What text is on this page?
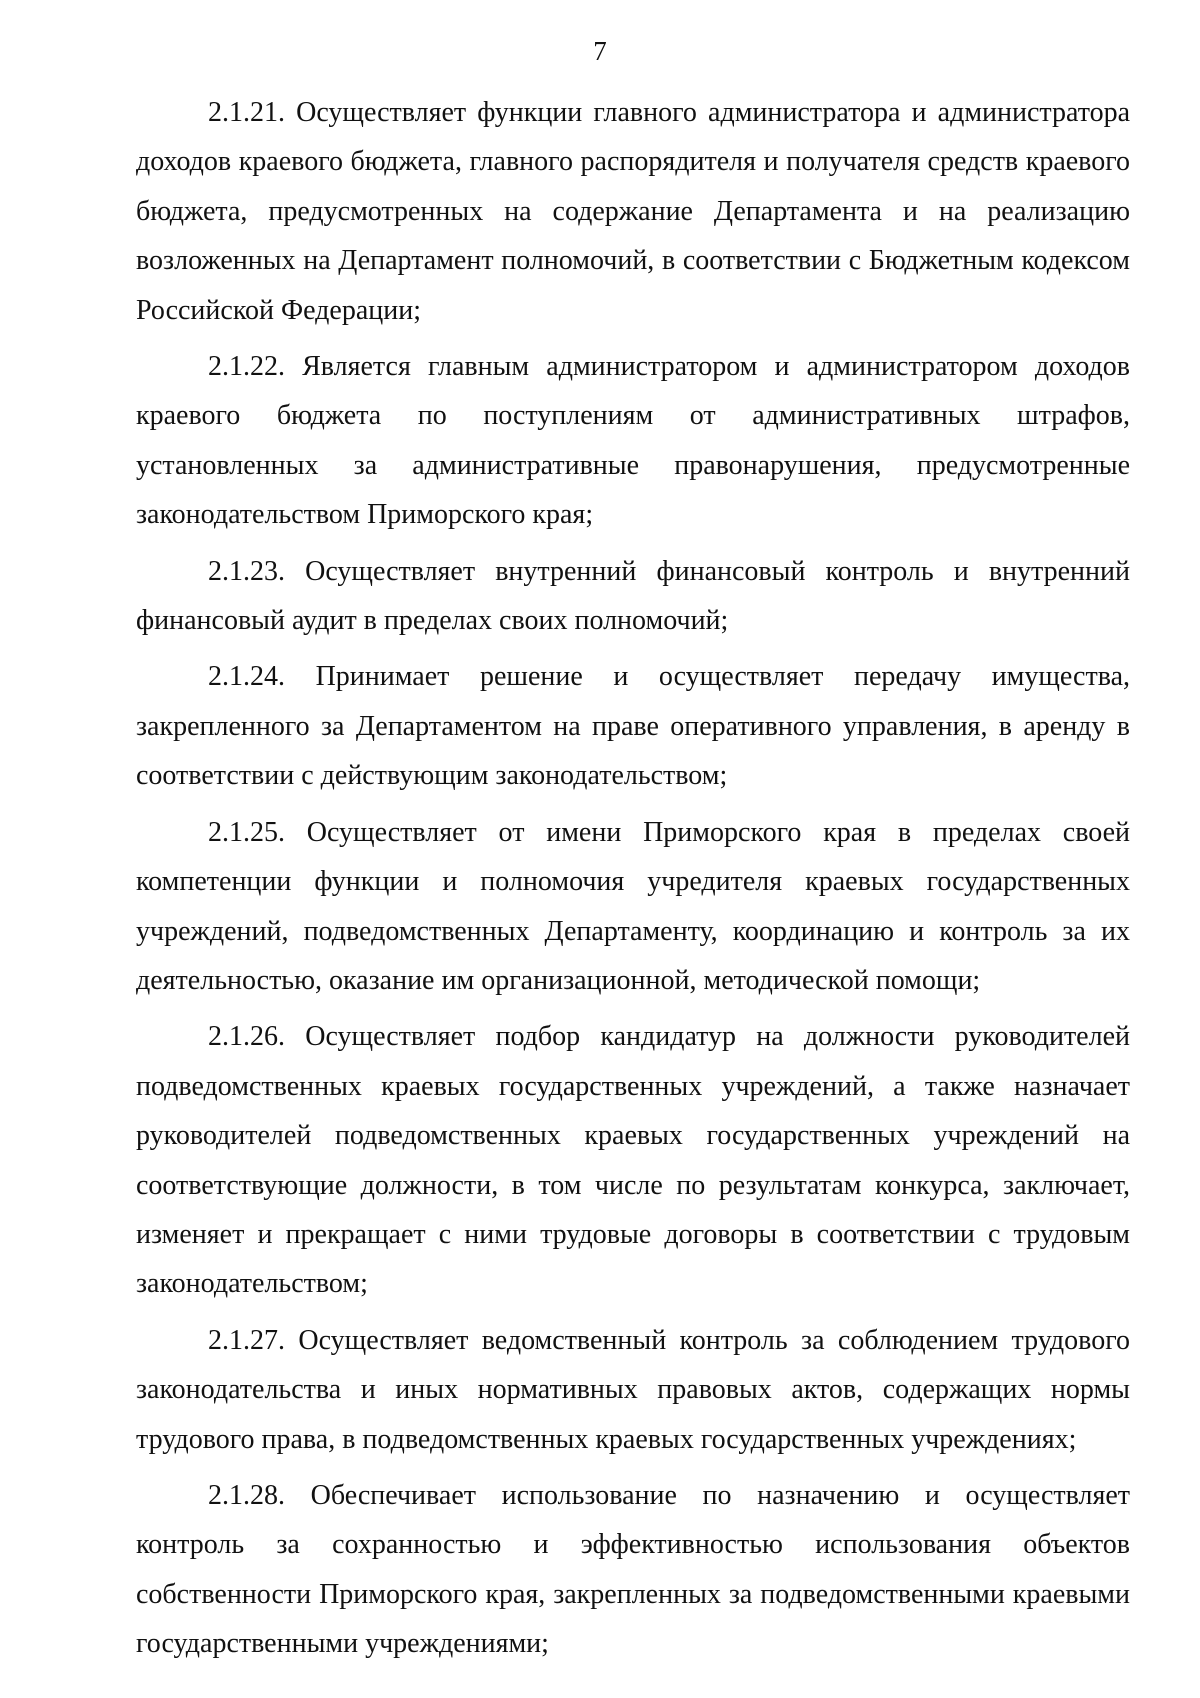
7

2.1.21. Осуществляет функции главного администратора и администратора доходов краевого бюджета, главного распорядителя и получателя средств краевого бюджета, предусмотренных на содержание Департамента и на реализацию возложенных на Департамент полномочий, в соответствии с Бюджетным кодексом Российской Федерации;

2.1.22. Является главным администратором и администратором доходов краевого бюджета по поступлениям от административных штрафов, установленных за административные правонарушения, предусмотренные законодательством Приморского края;

2.1.23. Осуществляет внутренний финансовый контроль и внутренний финансовый аудит в пределах своих полномочий;

2.1.24. Принимает решение и осуществляет передачу имущества, закрепленного за Департаментом на праве оперативного управления, в аренду в соответствии с действующим законодательством;

2.1.25. Осуществляет от имени Приморского края в пределах своей компетенции функции и полномочия учредителя краевых государственных учреждений, подведомственных Департаменту, координацию и контроль за их деятельностью, оказание им организационной, методической помощи;

2.1.26. Осуществляет подбор кандидатур на должности руководителей подведомственных краевых государственных учреждений, а также назначает руководителей подведомственных краевых государственных учреждений на соответствующие должности, в том числе по результатам конкурса, заключает, изменяет и прекращает с ними трудовые договоры в соответствии с трудовым законодательством;

2.1.27. Осуществляет ведомственный контроль за соблюдением трудового законодательства и иных нормативных правовых актов, содержащих нормы трудового права, в подведомственных краевых государственных учреждениях;

2.1.28. Обеспечивает использование по назначению и осуществляет контроль за сохранностью и эффективностью использования объектов собственности Приморского края, закрепленных за подведомственными краевыми государственными учреждениями;
